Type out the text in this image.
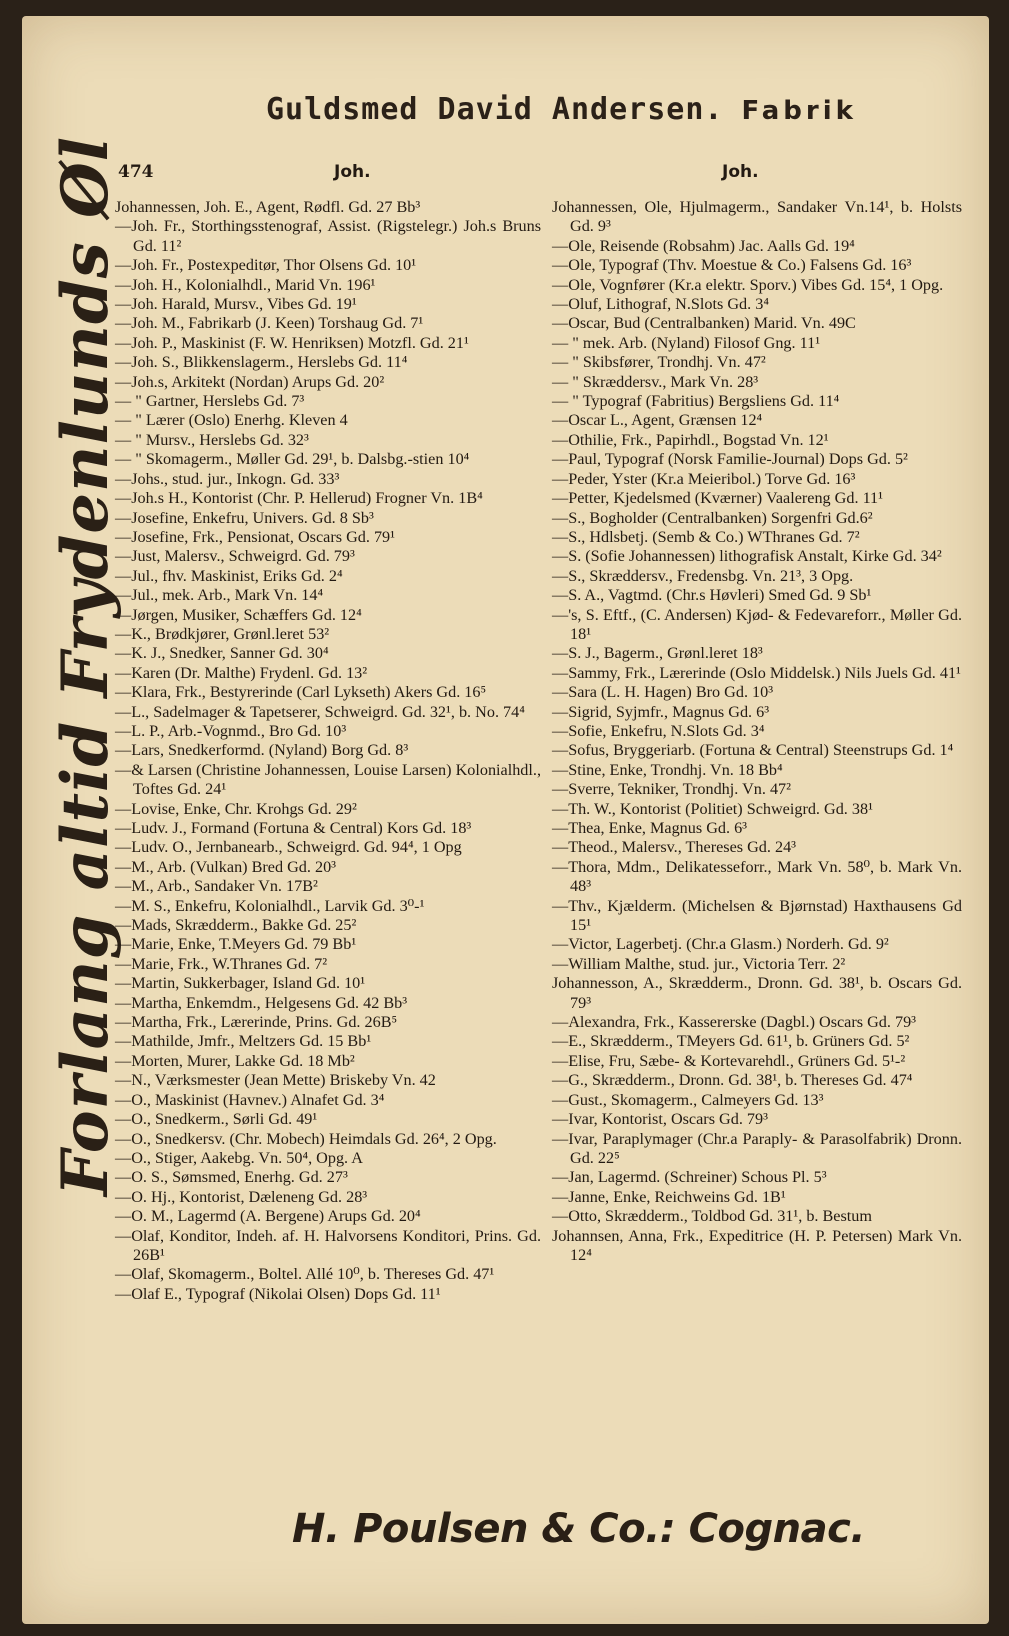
Guldsmed David Andersen. Fabrik
474	Joh.	Joh.
Forlang altid Frydenlunds Øl
Johannessen, Joh. E., Agent, Rødfl. Gd. 27 Bb³
—Joh. Fr., Storthingsstenograf, Assist. (Rigstelegr.) Joh.s Bruns Gd. 11²
—Joh. Fr., Postexpeditør, Thor Olsens Gd. 10¹
—Joh. H., Kolonialhdl., Marid Vn. 196¹
—Joh. Harald, Mursv., Vibes Gd. 19¹
—Joh. M., Fabrikarb (J. Keen) Torshaug Gd. 7¹
—Joh. P., Maskinist (F. W. Henriksen) Motzfl. Gd. 21¹
—Joh. S., Blikkenslagerm., Herslebs Gd. 11⁴
—Joh.s, Arkitekt (Nordan) Arups Gd. 20²
— " Gartner, Herslebs Gd. 7³
— " Lærer (Oslo) Enerhg. Kleven 4
— " Mursv., Herslebs Gd. 32³
— " Skomagerm., Møller Gd. 29¹, b. Dalsbg.-stien 10⁴
—Johs., stud. jur., Inkogn. Gd. 33³
—Joh.s H., Kontorist (Chr. P. Hellerud) Frogner Vn. 1B⁴
—Josefine, Enkefru, Univers. Gd. 8 Sb³
—Josefine, Frk., Pensionat, Oscars Gd. 79¹
—Just, Malersv., Schweigrd. Gd. 79³
—Jul., fhv. Maskinist, Eriks Gd. 2⁴
—Jul., mek. Arb., Mark Vn. 14⁴
—Jørgen, Musiker, Schæffers Gd. 12⁴
—K., Brødkjører, Grønl.leret 53²
—K. J., Snedker, Sanner Gd. 30⁴
—Karen (Dr. Malthe) Frydenl. Gd. 13²
—Klara, Frk., Bestyrerinde (Carl Lykseth) Akers Gd. 16⁵
—L., Sadelmager & Tapetserer, Schweigrd. Gd. 32¹, b. No. 74⁴
—L. P., Arb.-Vognmd., Bro Gd. 10³
—Lars, Snedkerformd. (Nyland) Borg Gd. 8³
—& Larsen (Christine Johannessen, Louise Larsen) Kolonialhdl., Toftes Gd. 24¹
—Lovise, Enke, Chr. Krohgs Gd. 29²
—Ludv. J., Formand (Fortuna & Central) Kors Gd. 18³
—Ludv. O., Jernbanearb., Schweigrd. Gd. 94⁴, 1 Opg
—M., Arb. (Vulkan) Bred Gd. 20³
—M., Arb., Sandaker Vn. 17B²
—M. S., Enkefru, Kolonialhdl., Larvik Gd. 3⁰-¹
—Mads, Skrædderm., Bakke Gd. 25²
—Marie, Enke, T.Meyers Gd. 79 Bb¹
—Marie, Frk., W.Thranes Gd. 7²
—Martin, Sukkerbager, Island Gd. 10¹
—Martha, Enkemdm., Helgesens Gd. 42 Bb³
—Martha, Frk., Lærerinde, Prins. Gd. 26B⁵
—Mathilde, Jmfr., Meltzers Gd. 15 Bb¹
—Morten, Murer, Lakke Gd. 18 Mb²
—N., Værksmester (Jean Mette) Briskeby Vn. 42
—O., Maskinist (Havnev.) Alnafet Gd. 3⁴
—O., Snedkerm., Sørli Gd. 49¹
—O., Snedkersv. (Chr. Mobech) Heimdals Gd. 26⁴, 2 Opg.
—O., Stiger, Aakebg. Vn. 50⁴, Opg. A
—O. S., Sømsmed, Enerhg. Gd. 27³
—O. Hj., Kontorist, Dæleneng Gd. 28³
—O. M., Lagermd (A. Bergene) Arups Gd. 20⁴
—Olaf, Konditor, Indeh. af. H. Halvorsens Konditori, Prins. Gd. 26B¹
—Olaf, Skomagerm., Boltel. Allé 10⁰, b. Thereses Gd. 47¹
—Olaf E., Typograf (Nikolai Olsen) Dops Gd. 11¹
Johannessen, Ole, Hjulmagerm., Sandaker Vn.14¹, b. Holsts Gd. 9³
—Ole, Reisende (Robsahm) Jac. Aalls Gd. 19⁴
—Ole, Typograf (Thv. Moestue & Co.) Falsens Gd. 16³
—Ole, Vognfører (Kr.a elektr. Sporv.) Vibes Gd. 15⁴, 1 Opg.
—Oluf, Lithograf, N.Slots Gd. 3⁴
—Oscar, Bud (Centralbanken) Marid. Vn. 49C
— " mek. Arb. (Nyland) Filosof Gng. 11¹
— " Skibsfører, Trondhj. Vn. 47²
— " Skræddersv., Mark Vn. 28³
— " Typograf (Fabritius) Bergsliens Gd. 11⁴
—Oscar L., Agent, Grænsen 12⁴
—Othilie, Frk., Papirhdl., Bogstad Vn. 12¹
—Paul, Typograf (Norsk Familie-Journal) Dops Gd. 5²
—Peder, Yster (Kr.a Meieribol.) Torve Gd. 16³
—Petter, Kjedelsmed (Kværner) Vaalereng Gd. 11¹
—S., Bogholder (Centralbanken) Sorgenfri Gd.6²
—S., Hdlsbetj. (Semb & Co.) WThranes Gd. 7²
—S. (Sofie Johannessen) lithografisk Anstalt, Kirke Gd. 34²
—S., Skræddersv., Fredensbg. Vn. 21³, 3 Opg.
—S. A., Vagtmd. (Chr.s Høvleri) Smed Gd. 9 Sb¹
—'s, S. Eftf., (C. Andersen) Kjød- & Fedevareforr., Møller Gd. 18¹
—S. J., Bagerm., Grønl.leret 18³
—Sammy, Frk., Lærerinde (Oslo Middelsk.) Nils Juels Gd. 41¹
—Sara (L. H. Hagen) Bro Gd. 10³
—Sigrid, Syjmfr., Magnus Gd. 6³
—Sofie, Enkefru, N.Slots Gd. 3⁴
—Sofus, Bryggeriarb. (Fortuna & Central) Steenstrups Gd. 1⁴
—Stine, Enke, Trondhj. Vn. 18 Bb⁴
—Sverre, Tekniker, Trondhj. Vn. 47²
—Th. W., Kontorist (Politiet) Schweigrd. Gd. 38¹
—Thea, Enke, Magnus Gd. 6³
—Theod., Malersv., Thereses Gd. 24³
—Thora, Mdm., Delikatesseforr., Mark Vn. 58⁰, b. Mark Vn. 48³
—Thv., Kjælderm. (Michelsen & Bjørnstad) Haxthausens Gd 15¹
—Victor, Lagerbetj. (Chr.a Glasm.) Norderh. Gd. 9²
—William Malthe, stud. jur., Victoria Terr. 2²
Johannesson, A., Skrædderm., Dronn. Gd. 38¹, b. Oscars Gd. 79³
—Alexandra, Frk., Kassererske (Dagbl.) Oscars Gd. 79³
—E., Skrædderm., TMeyers Gd. 61¹, b. Grüners Gd. 5²
—Elise, Fru, Sæbe- & Kortevarehdl., Grüners Gd. 5¹-²
—G., Skrædderm., Dronn. Gd. 38¹, b. Thereses Gd. 47⁴
—Gust., Skomagerm., Calmeyers Gd. 13³
—Ivar, Kontorist, Oscars Gd. 79³
—Ivar, Paraplymager (Chr.a Paraply- & Parasolfabrik) Dronn. Gd. 22⁵
—Jan, Lagermd. (Schreiner) Schous Pl. 5³
—Janne, Enke, Reichweins Gd. 1B¹
—Otto, Skrædderm., Toldbod Gd. 31¹, b. Bestum
Johannsen, Anna, Frk., Expeditrice (H. P. Petersen) Mark Vn. 12⁴
H. Poulsen & Co.: Cognac.
